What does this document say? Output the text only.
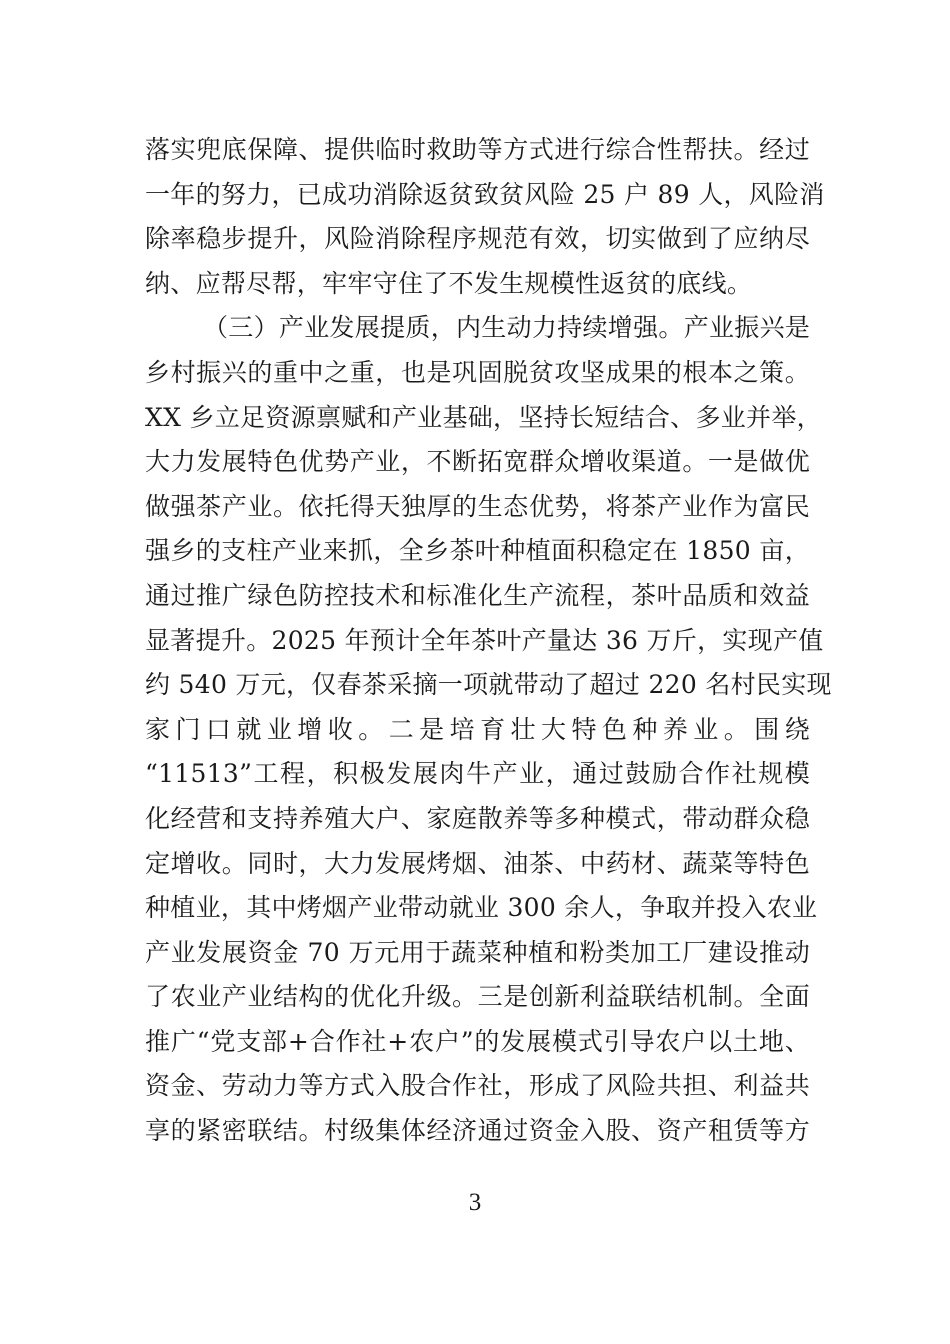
落实兜底保障、提供临时救助等方式进行综合性帮扶。经过
一年的努力，已成功消除返贫致贫风险 25 户 89 人，风险消
除率稳步提升，风险消除程序规范有效，切实做到了应纳尽
纳、应帮尽帮，牢牢守住了不发生规模性返贫的底线。
（三）产业发展提质，内生动力持续增强。产业振兴是
乡村振兴的重中之重，也是巩固脱贫攻坚成果的根本之策。
XX 乡立足资源禀赋和产业基础，坚持长短结合、多业并举，
大力发展特色优势产业，不断拓宽群众增收渠道。一是做优
做强茶产业。依托得天独厚的生态优势，将茶产业作为富民
强乡的支柱产业来抓，全乡茶叶种植面积稳定在 1850 亩，
通过推广绿色防控技术和标准化生产流程，茶叶品质和效益
显著提升。2025 年预计全年茶叶产量达 36 万斤，实现产值
约 540 万元，仅春茶采摘一项就带动了超过 220 名村民实现
家门口就业增收。二是培育壮大特色种养业。围绕
“11513”工程，积极发展肉牛产业，通过鼓励合作社规模
化经营和支持养殖大户、家庭散养等多种模式，带动群众稳
定增收。同时，大力发展烤烟、油茶、中药材、蔬菜等特色
种植业，其中烤烟产业带动就业 300 余人，争取并投入农业
产业发展资金 70 万元用于蔬菜种植和粉类加工厂建设推动
了农业产业结构的优化升级。三是创新利益联结机制。全面
推广“党支部+合作社+农户”的发展模式引导农户以土地、
资金、劳动力等方式入股合作社，形成了风险共担、利益共
享的紧密联结。村级集体经济通过资金入股、资产租赁等方
3
